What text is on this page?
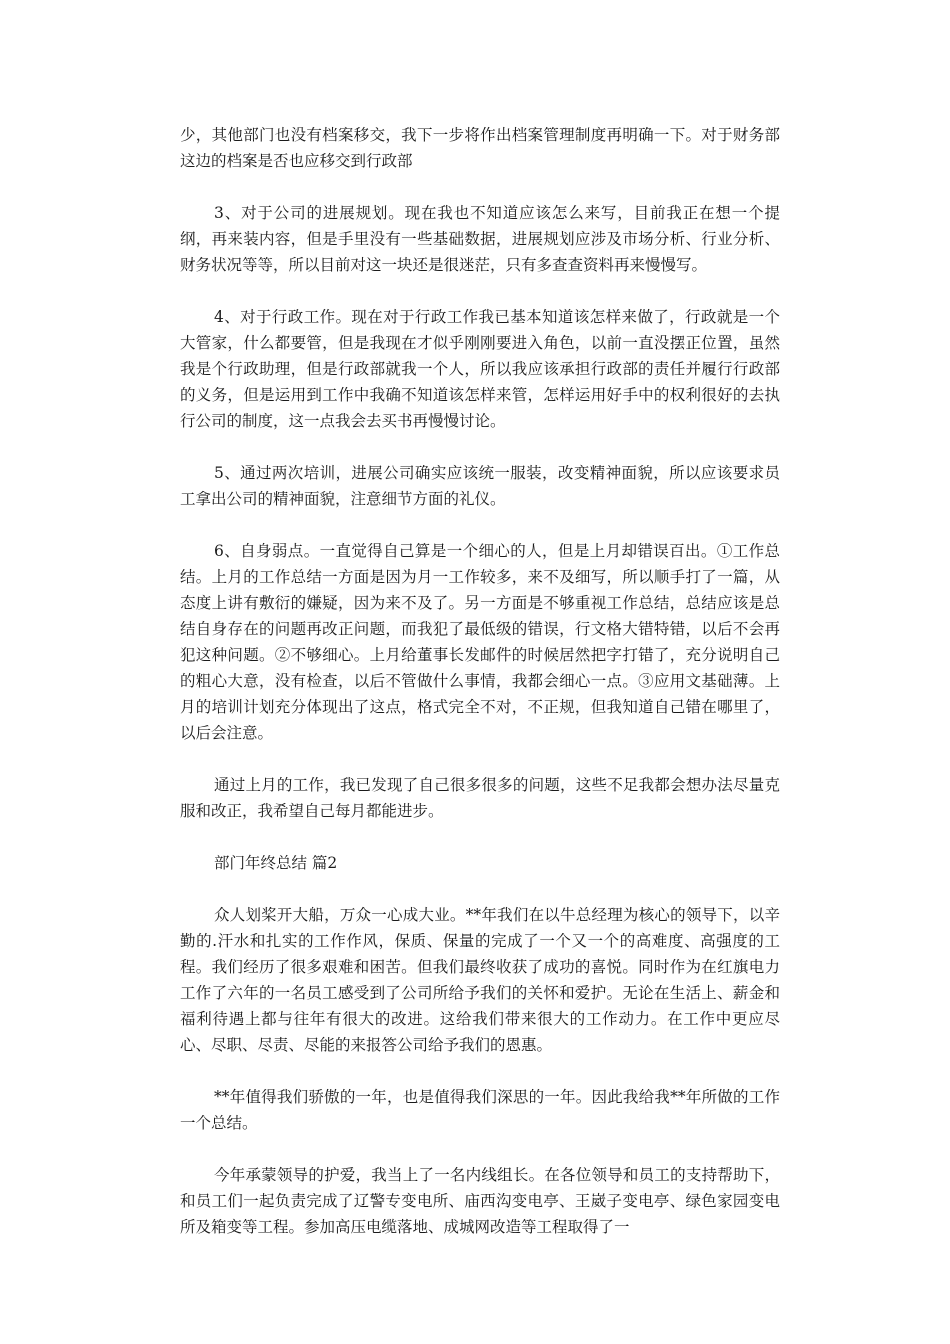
少，其他部门也没有档案移交，我下一步将作出档案管理制度再明确一下。对于财务部这边的档案是否也应移交到行政部

3、对于公司的进展规划。现在我也不知道应该怎么来写，目前我正在想一个提纲，再来装内容，但是手里没有一些基础数据，进展规划应涉及市场分析、行业分析、财务状况等等，所以目前对这一块还是很迷茫，只有多查查资料再来慢慢写。

4、对于行政工作。现在对于行政工作我已基本知道该怎样来做了，行政就是一个大管家，什么都要管，但是我现在才似乎刚刚要进入角色，以前一直没摆正位置，虽然我是个行政助理，但是行政部就我一个人，所以我应该承担行政部的责任并履行行政部的义务，但是运用到工作中我确不知道该怎样来管，怎样运用好手中的权利很好的去执行公司的制度，这一点我会去买书再慢慢讨论。

5、通过两次培训，进展公司确实应该统一服装，改变精神面貌，所以应该要求员工拿出公司的精神面貌，注意细节方面的礼仪。

6、自身弱点。一直觉得自己算是一个细心的人，但是上月却错误百出。①工作总结。上月的工作总结一方面是因为月一工作较多，来不及细写，所以顺手打了一篇，从态度上讲有敷衍的嫌疑，因为来不及了。另一方面是不够重视工作总结，总结应该是总结自身存在的问题再改正问题，而我犯了最低级的错误，行文格大错特错，以后不会再犯这种问题。②不够细心。上月给董事长发邮件的时候居然把字打错了，充分说明自己的粗心大意，没有检查，以后不管做什么事情，我都会细心一点。③应用文基础薄。上月的培训计划充分体现出了这点，格式完全不对，不正规，但我知道自己错在哪里了，以后会注意。

通过上月的工作，我已发现了自己很多很多的问题，这些不足我都会想办法尽量克服和改正，我希望自己每月都能进步。

部门年终总结 篇2

众人划桨开大船，万众一心成大业。**年我们在以牛总经理为核心的领导下，以辛勤的.汗水和扎实的工作作风，保质、保量的完成了一个又一个的高难度、高强度的工程。我们经历了很多艰难和困苦。但我们最终收获了成功的喜悦。同时作为在红旗电力工作了六年的一名员工感受到了公司所给予我们的关怀和爱护。无论在生活上、薪金和福利待遇上都与往年有很大的改进。这给我们带来很大的工作动力。在工作中更应尽心、尽职、尽责、尽能的来报答公司给予我们的恩惠。

**年值得我们骄傲的一年，也是值得我们深思的一年。因此我给我**年所做的工作一个总结。

今年承蒙领导的护爱，我当上了一名内线组长。在各位领导和员工的支持帮助下，和员工们一起负责完成了辽警专变电所、庙西沟变电亭、王崴子变电亭、绿色家园变电所及箱变等工程。参加高压电缆落地、成城网改造等工程取得了一
